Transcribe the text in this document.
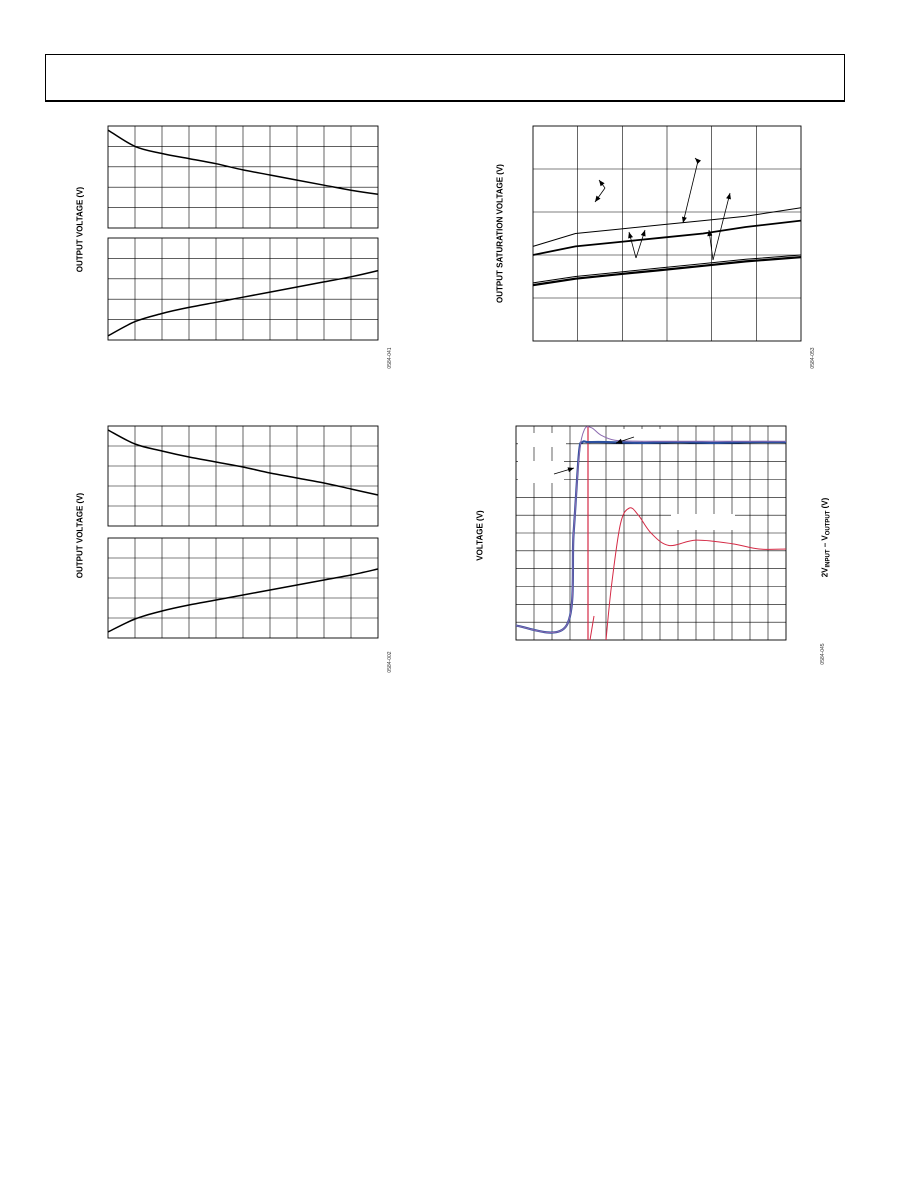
OUTPUT VOLTAGE (V)
0584-041
OUTPUT SATURATION VOLTAGE (V)
0584-053
OUTPUT VOLTAGE (V)
0584-002
VOLTAGE (V)
$2V_{INPUT} - V_{OUTPUT}$ (V)
0584-045
